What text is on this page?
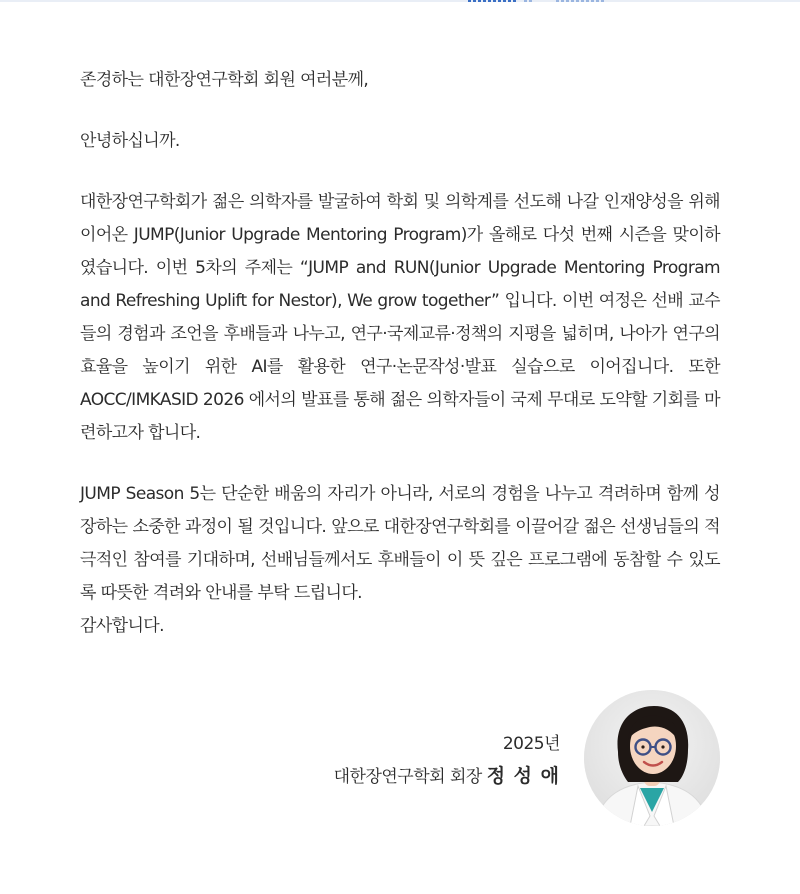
존경하는 대한장연구학회 회원 여러분께,

안녕하십니까.

대한장연구학회가 젊은 의학자를 발굴하여 학회 및 의학계를 선도해 나갈 인재양성을 위해 이어온 JUMP(Junior Upgrade Mentoring Program)가 올해로 다섯 번째 시즌을 맞이하였습니다. 이번 5차의 주제는 “JUMP and RUN(Junior Upgrade Mentoring Program and Refreshing Uplift for Nestor), We grow together” 입니다. 이번 여정은 선배 교수들의 경험과 조언을 후배들과 나누고, 연구·국제교류·정책의 지평을 넓히며, 나아가 연구의 효율을 높이기 위한 AI를 활용한 연구·논문작성·발표 실습으로 이어집니다. 또한 AOCC/IMKASID 2026 에서의 발표를 통해 젊은 의학자들이 국제 무대로 도약할 기회를 마련하고자 합니다.

JUMP Season 5는 단순한 배움의 자리가 아니라, 서로의 경험을 나누고 격려하며 함께 성장하는 소중한 과정이 될 것입니다. 앞으로 대한장연구학회를 이끌어갈 젊은 선생님들의 적극적인 참여를 기대하며, 선배님들께서도 후배들이 이 뜻 깊은 프로그램에 동참할 수 있도록 따뜻한 격려와 안내를 부탁 드립니다.

감사합니다.

2025년
대한장연구학회 회장 정 성 애
